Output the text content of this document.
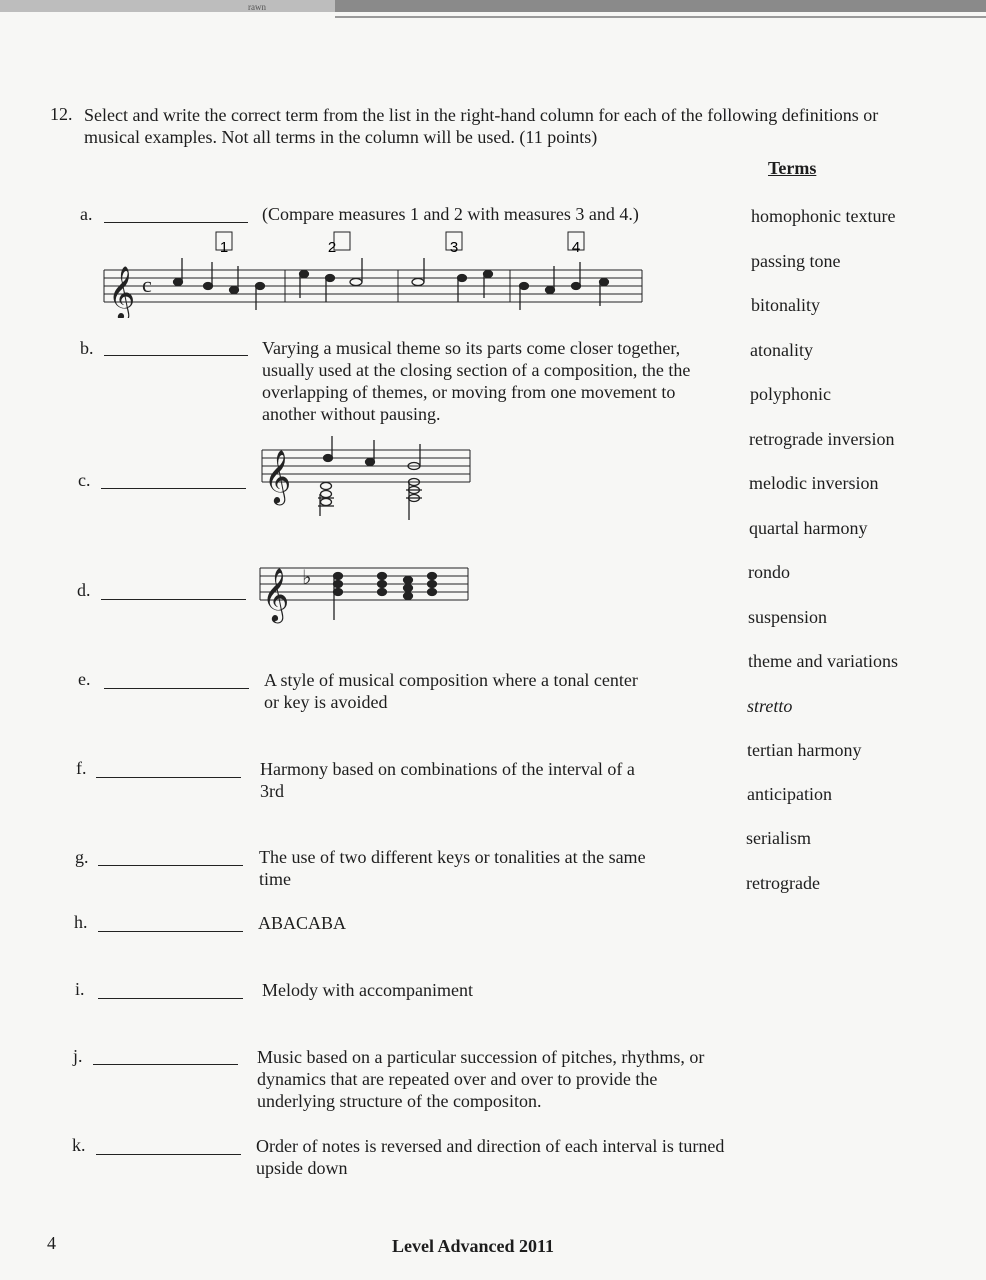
rawn
12. Select and write the correct term from the list in the right-hand column for each of the following definitions or musical examples. Not all terms in the column will be used. (11 points)
Terms
homophonic texture
passing tone
bitonality
atonality
polyphonic
retrograde inversion
melodic inversion
quartal harmony
rondo
suspension
theme and variations
stretto
tertian harmony
anticipation
serialism
retrograde
a.	(Compare measures 1 and 2 with measures 3 and 4.)
2
1	3	4
𝄞 c
b.	Varying a musical theme so its parts come closer together, usually used at the closing section of a composition, the the overlapping of themes, or moving from one movement to another without pausing.
c.	𝄞
d.	𝄞 ♭
e.	A style of musical composition where a tonal center or key is avoided
f.	Harmony based on combinations of the interval of a 3rd
g.	The use of two different keys or tonalities at the same time
h.	ABACABA
i.	Melody with accompaniment
j.	Music based on a particular succession of pitches, rhythms, or dynamics that are repeated over and over to provide the underlying structure of the compositon.
k.	Order of notes is reversed and direction of each interval is turned upside down
4	Level Advanced 2011
